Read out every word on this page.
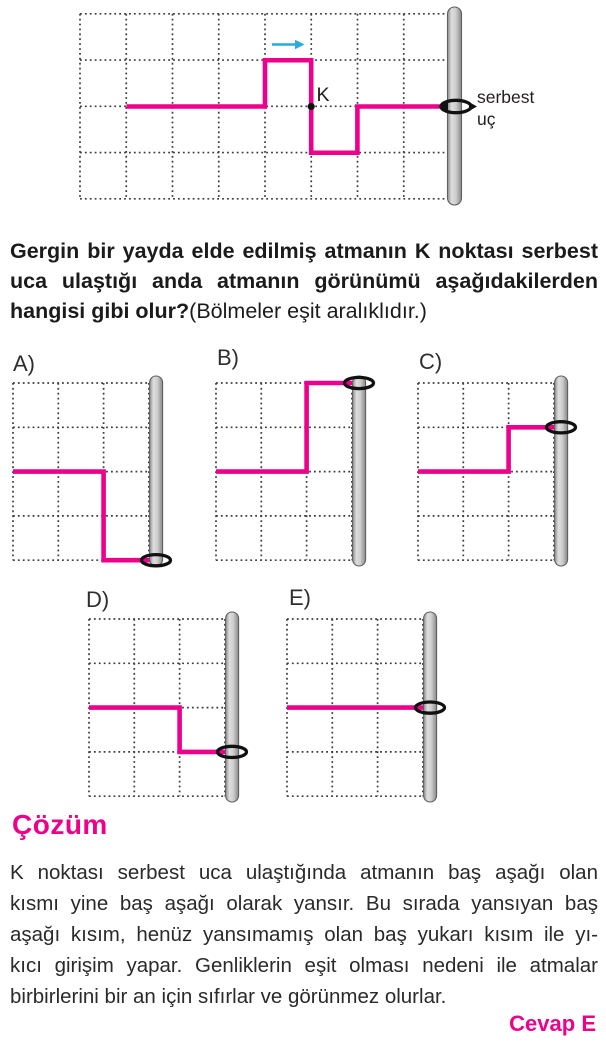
K	serbest
uç
Gergin bir yayda elde edilmiş atmanın K noktası serbest
uca ulaştığı anda atmanın görünümü aşağıdakilerden
hangisi gibi olur?(Bölmeler eşit aralıklıdır.)
A)	B)	C)
D)	E)
Çözüm
K noktası serbest uca ulaştığında atmanın baş aşağı olan
kısmı yine baş aşağı olarak yansır. Bu sırada yansıyan baş
aşağı kısım, henüz yansımamış olan baş yukarı kısım ile yı-
kıcı girişim yapar. Genliklerin eşit olması nedeni ile atmalar
birbirlerini bir an için sıfırlar ve görünmez olurlar.
Cevap E
